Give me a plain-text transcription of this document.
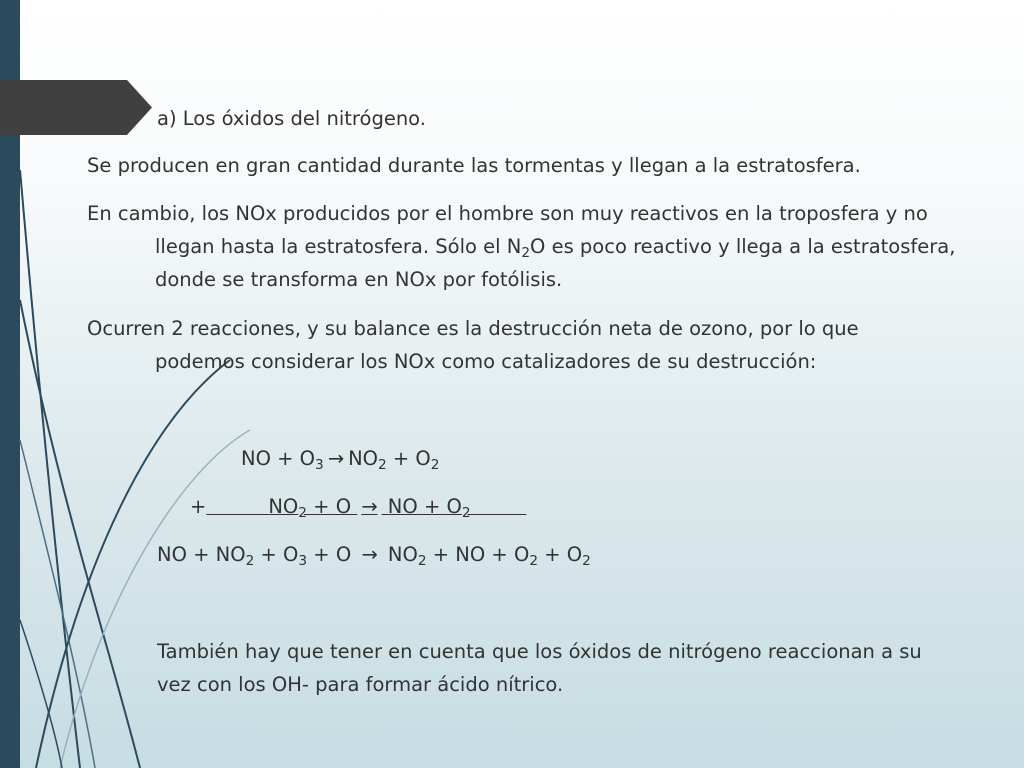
a) Los óxidos del nitrógeno.
Se producen en gran cantidad durante las tormentas y llegan a la estratosfera.
En cambio, los NOx producidos por el hombre son muy reactivos en la troposfera y no
llegan hasta la estratosfera. Sólo el $N_2O$ es poco reactivo y llega a la estratosfera,
donde se transforma en NOx por fotólisis.
Ocurren 2 reacciones, y su balance es la destrucción neta de ozono, por lo que
podemos considerar los NOx como catalizadores de su destrucción:
NO + $O_3 \to NO_2 + O_2$
+	$NO_2 + O$ → NO + $O_2$
NO + $NO_2 + O_3 + O \to NO_2$ + NO + $O_2 + O_2$
También hay que tener en cuenta que los óxidos de nitrógeno reaccionan a su
vez con los OH- para formar ácido nítrico.
